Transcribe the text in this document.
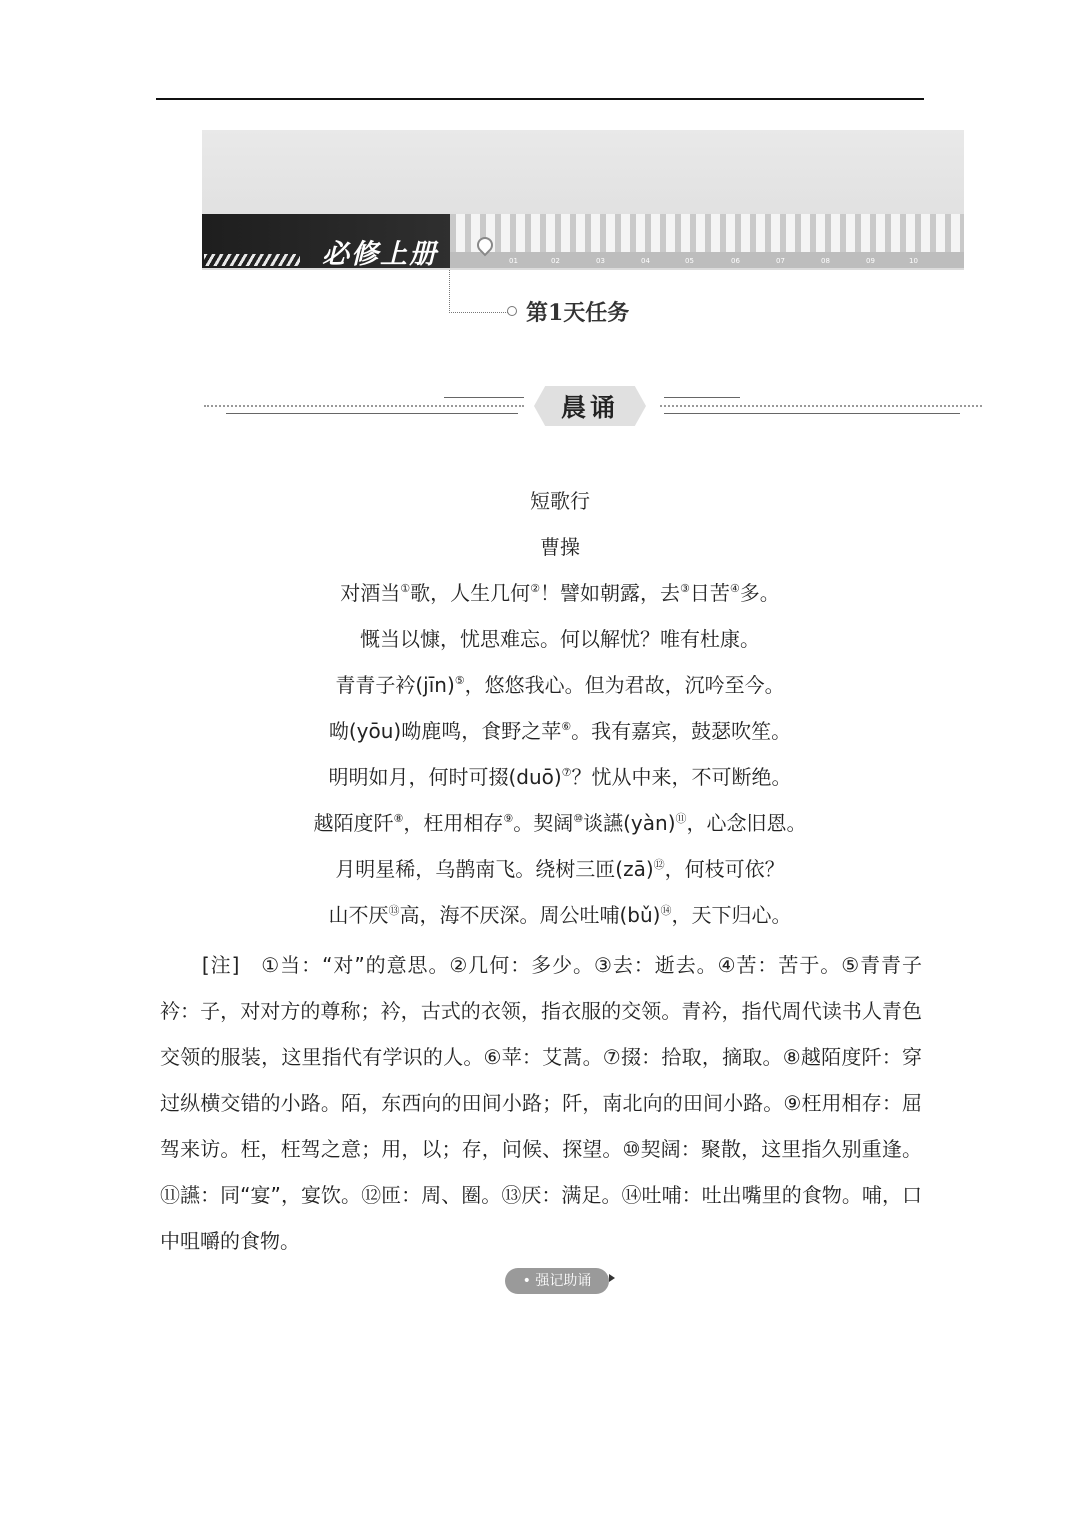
必修上册	01	02	03	04	05	06	07	08	09	10
第1天任务
晨诵
短歌行
曹操
对酒当①歌，人生几何②！譬如朝露，去③日苦④多。
慨当以慷，忧思难忘。何以解忧？唯有杜康。
青青子衿(jīn)⑤，悠悠我心。但为君故，沉吟至今。
呦(yōu)呦鹿鸣，食野之苹⑥。我有嘉宾，鼓瑟吹笙。
明明如月，何时可掇(duō)⑦？忧从中来，不可断绝。
越陌度阡⑧，枉用相存⑨。契阔⑩谈讌(yàn)⑪，心念旧恩。
月明星稀，乌鹊南飞。绕树三匝(zā)⑫，何枝可依？
山不厌⑬高，海不厌深。周公吐哺(bǔ)⑭，天下归心。
　　[注]　①当：“对”的意思。②几何：多少。③去：逝去。④苦：苦于。⑤青青子衿：子，对对方的尊称；衿，古式的衣领，指衣服的交领。青衿，指代周代读书人青色交领的服装，这里指代有学识的人。⑥苹：艾蒿。⑦掇：拾取，摘取。⑧越陌度阡：穿过纵横交错的小路。陌，东西向的田间小路；阡，南北向的田间小路。⑨枉用相存：屈驾来访。枉，枉驾之意；用，以；存，问候、探望。⑩契阔：聚散，这里指久别重逢。⑪讌：同“宴”，宴饮。⑫匝：周、圈。⑬厌：满足。⑭吐哺：吐出嘴里的食物。哺，口中咀嚼的食物。
• 强记助诵
